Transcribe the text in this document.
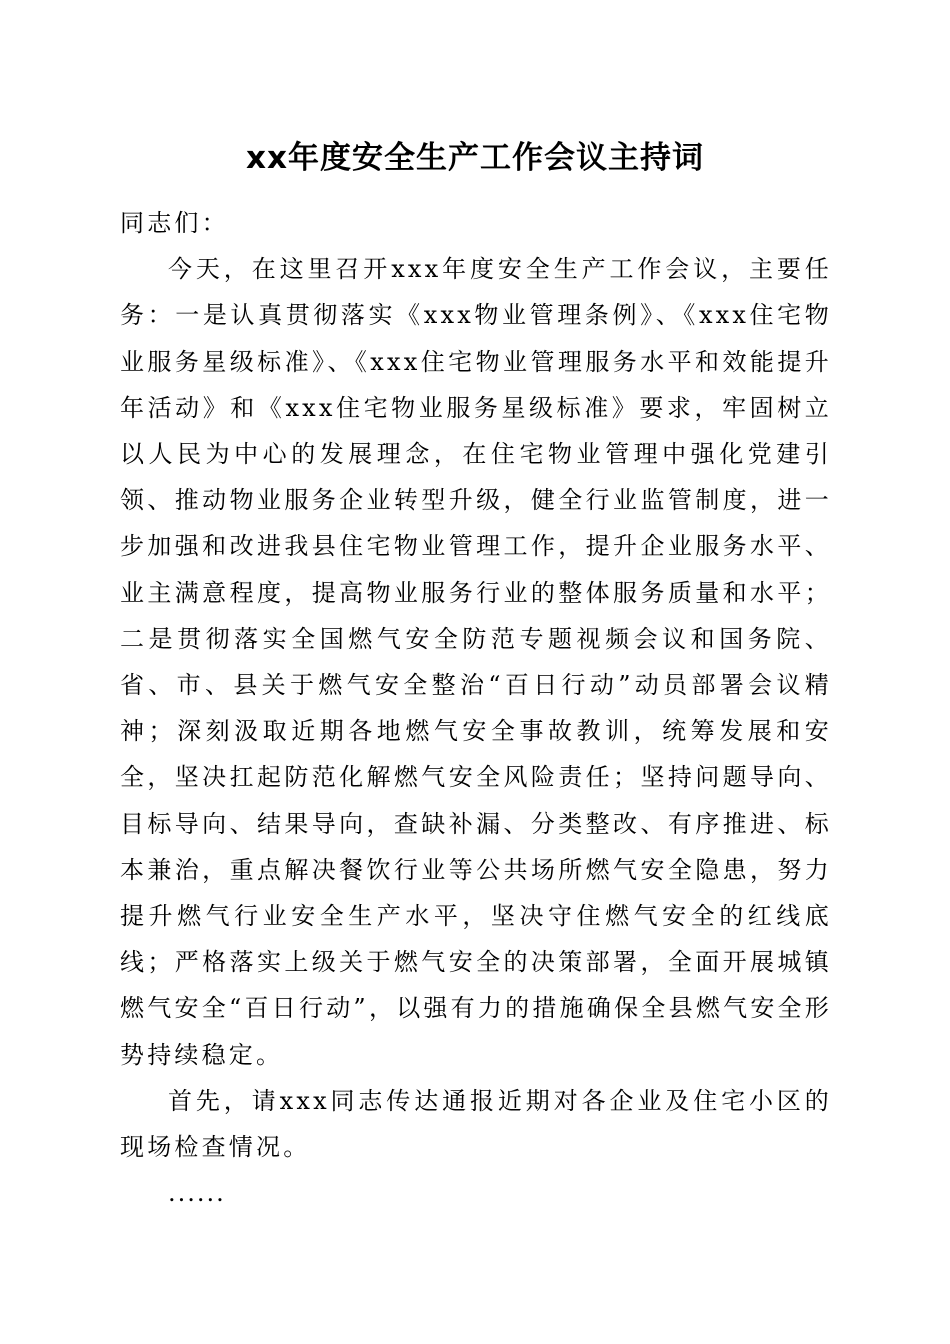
xx年度安全生产工作会议主持词

同志们：

今天，在这里召开xxx年度安全生产工作会议，主要任务：一是认真贯彻落实《xxx物业管理条例》、《xxx住宅物业服务星级标准》、《xxx住宅物业管理服务水平和效能提升年活动》和《xxx住宅物业服务星级标准》要求，牢固树立以人民为中心的发展理念，在住宅物业管理中强化党建引领、推动物业服务企业转型升级，健全行业监管制度，进一步加强和改进我县住宅物业管理工作，提升企业服务水平、业主满意程度，提高物业服务行业的整体服务质量和水平；二是贯彻落实全国燃气安全防范专题视频会议和国务院、省、市、县关于燃气安全整治“百日行动”动员部署会议精神；深刻汲取近期各地燃气安全事故教训，统筹发展和安全，坚决扛起防范化解燃气安全风险责任；坚持问题导向、目标导向、结果导向，查缺补漏、分类整改、有序推进、标本兼治，重点解决餐饮行业等公共场所燃气安全隐患，努力提升燃气行业安全生产水平，坚决守住燃气安全的红线底线；严格落实上级关于燃气安全的决策部署，全面开展城镇燃气安全“百日行动”，以强有力的措施确保全县燃气安全形势持续稳定。

首先，请xxx同志传达通报近期对各企业及住宅小区的现场检查情况。

......
